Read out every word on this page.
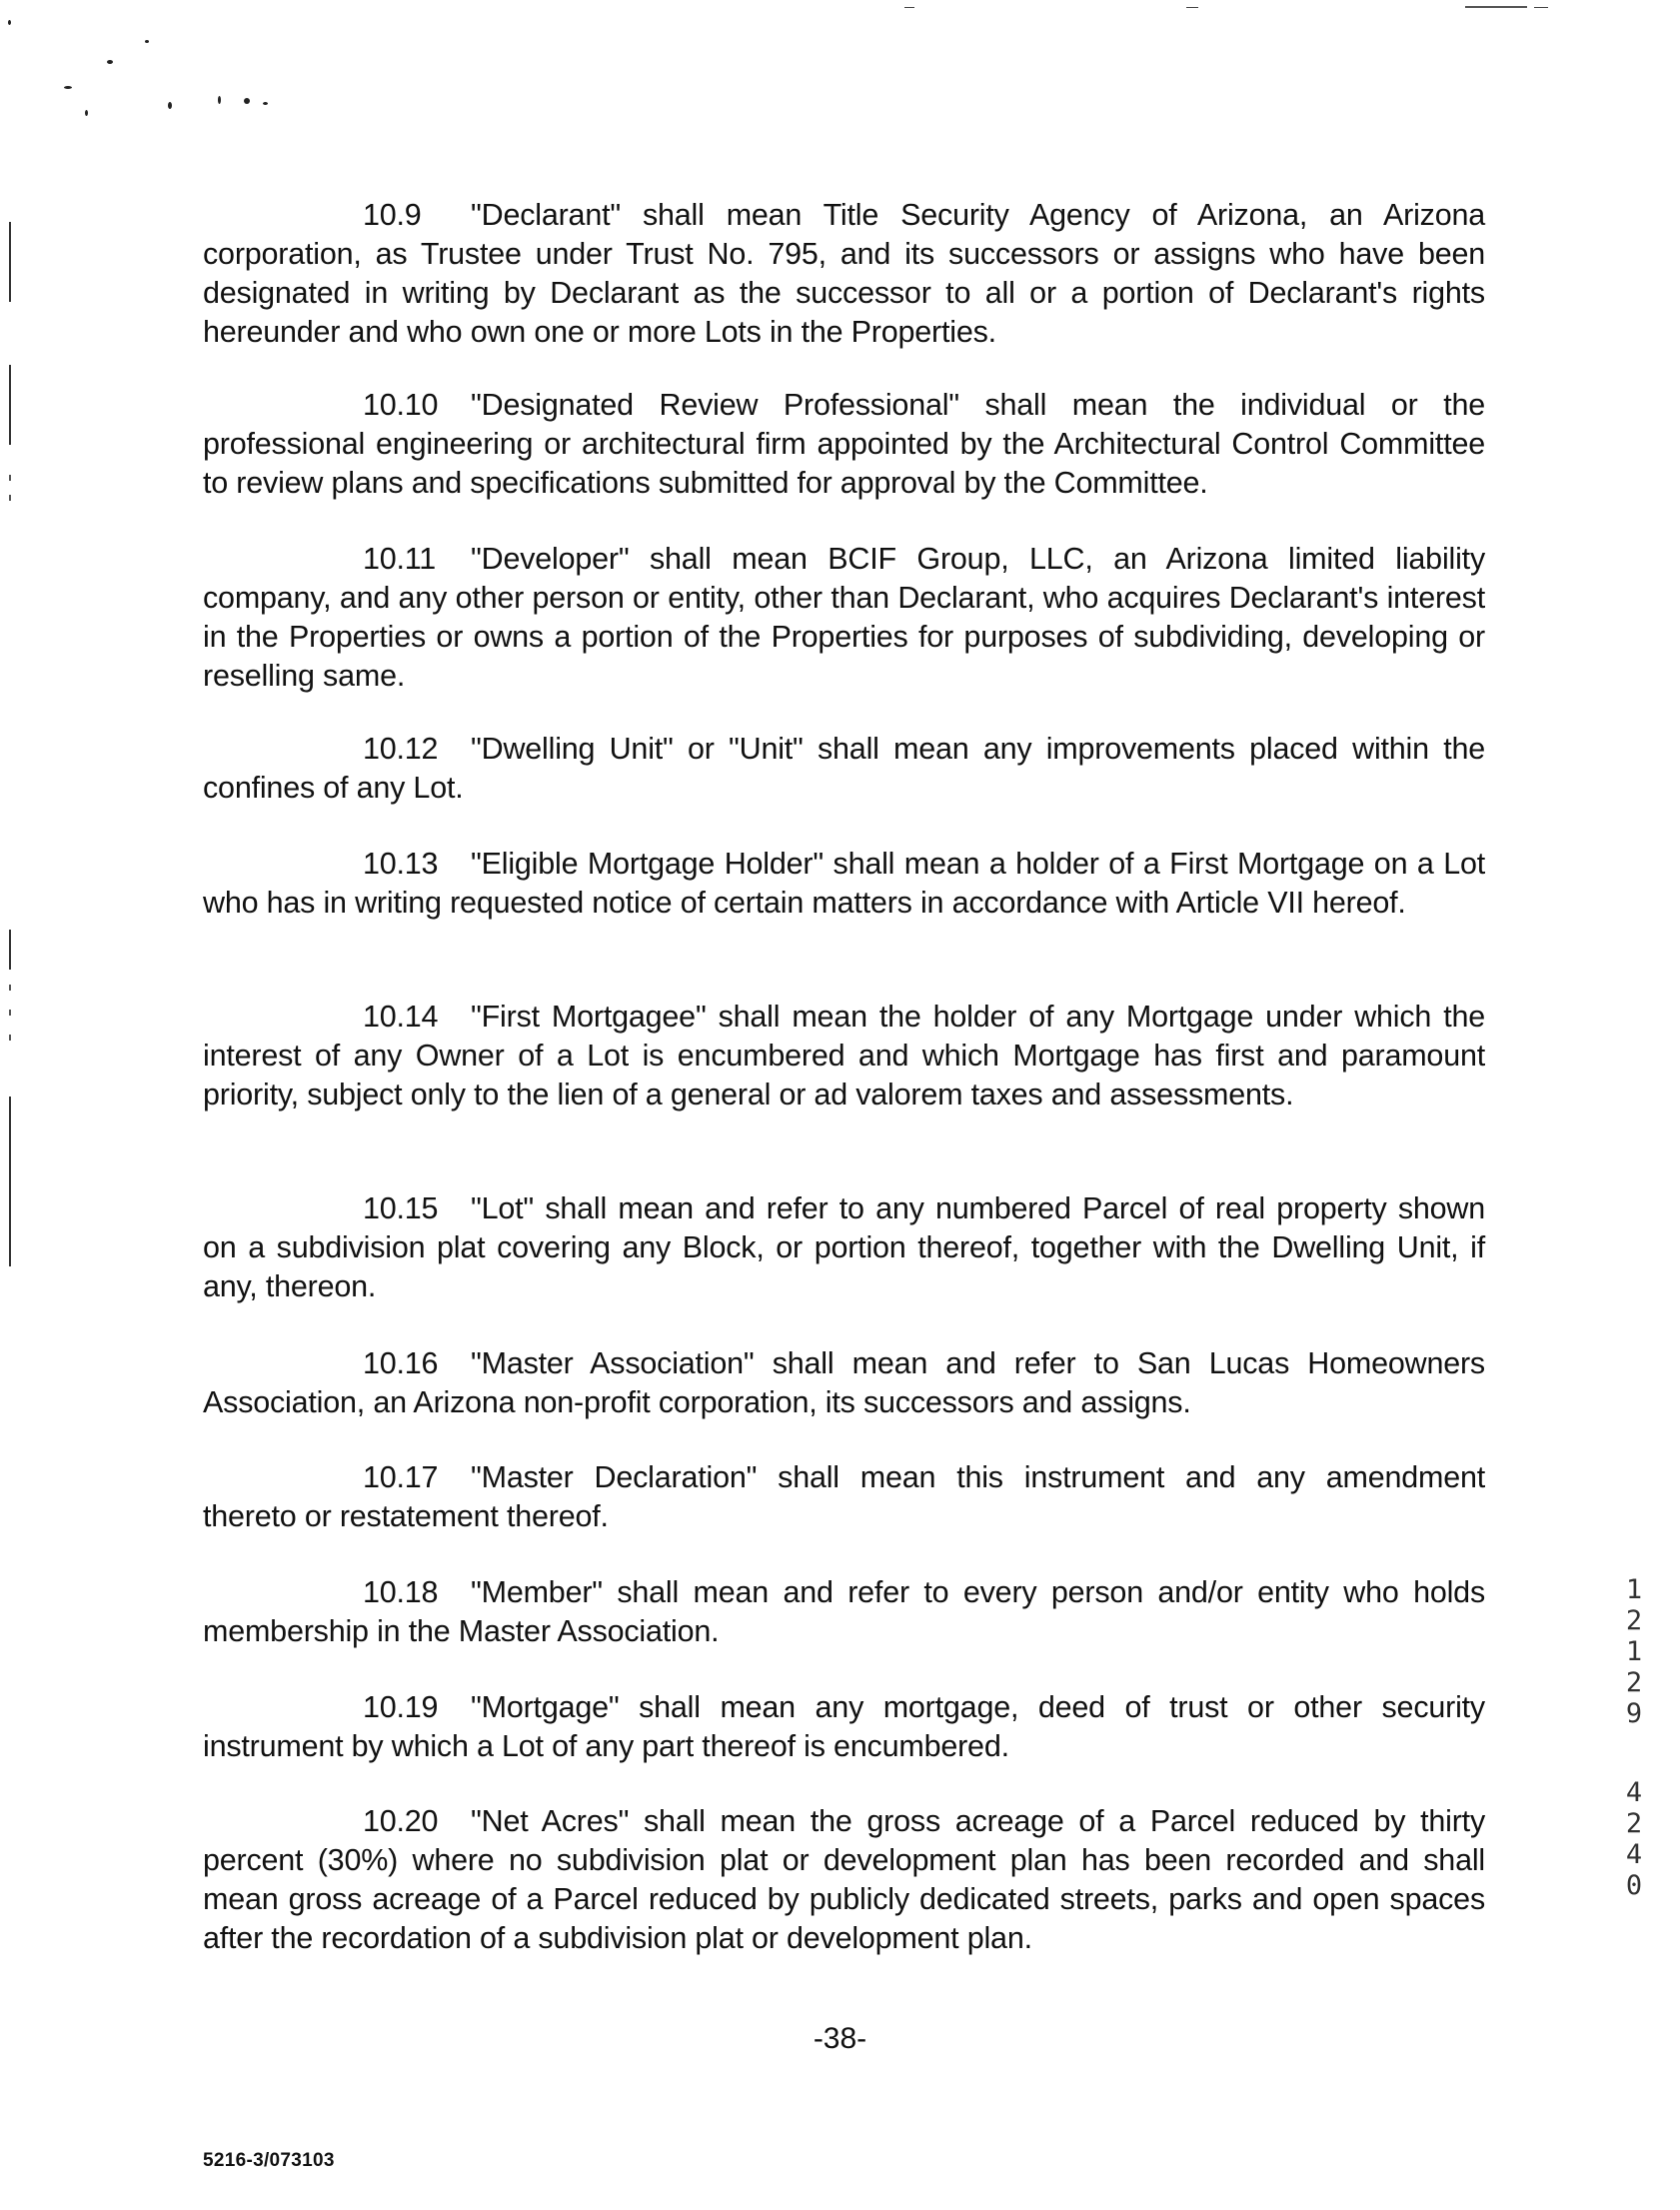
10.9 "Declarant" shall mean Title Security Agency of Arizona, an Arizona corporation, as Trustee under Trust No. 795, and its successors or assigns who have been designated in writing by Declarant as the successor to all or a portion of Declarant's rights hereunder and who own one or more Lots in the Properties.

10.10 "Designated Review Professional" shall mean the individual or the professional engineering or architectural firm appointed by the Architectural Control Committee to review plans and specifications submitted for approval by the Committee.

10.11 "Developer" shall mean BCIF Group, LLC, an Arizona limited liability company, and any other person or entity, other than Declarant, who acquires Declarant's interest in the Properties or owns a portion of the Properties for purposes of subdividing, developing or reselling same.

10.12 "Dwelling Unit" or "Unit" shall mean any improvements placed within the confines of any Lot.

10.13 "Eligible Mortgage Holder" shall mean a holder of a First Mortgage on a Lot who has in writing requested notice of certain matters in accordance with Article VII hereof.

10.14 "First Mortgagee" shall mean the holder of any Mortgage under which the interest of any Owner of a Lot is encumbered and which Mortgage has first and paramount priority, subject only to the lien of a general or ad valorem taxes and assessments.

10.15 "Lot" shall mean and refer to any numbered Parcel of real property shown on a subdivision plat covering any Block, or portion thereof, together with the Dwelling Unit, if any, thereon.

10.16 "Master Association" shall mean and refer to San Lucas Homeowners Association, an Arizona non-profit corporation, its successors and assigns.

10.17 "Master Declaration" shall mean this instrument and any amendment thereto or restatement thereof.

10.18 "Member" shall mean and refer to every person and/or entity who holds membership in the Master Association.

10.19 "Mortgage" shall mean any mortgage, deed of trust or other security instrument by which a Lot of any part thereof is encumbered.

10.20 "Net Acres" shall mean the gross acreage of a Parcel reduced by thirty percent (30%) where no subdivision plat or development plan has been recorded and shall mean gross acreage of a Parcel reduced by publicly dedicated streets, parks and open spaces after the recordation of a subdivision plat or development plan.

1
2
1
2
9
4
2
4
0
-38-
5216-3/073103
